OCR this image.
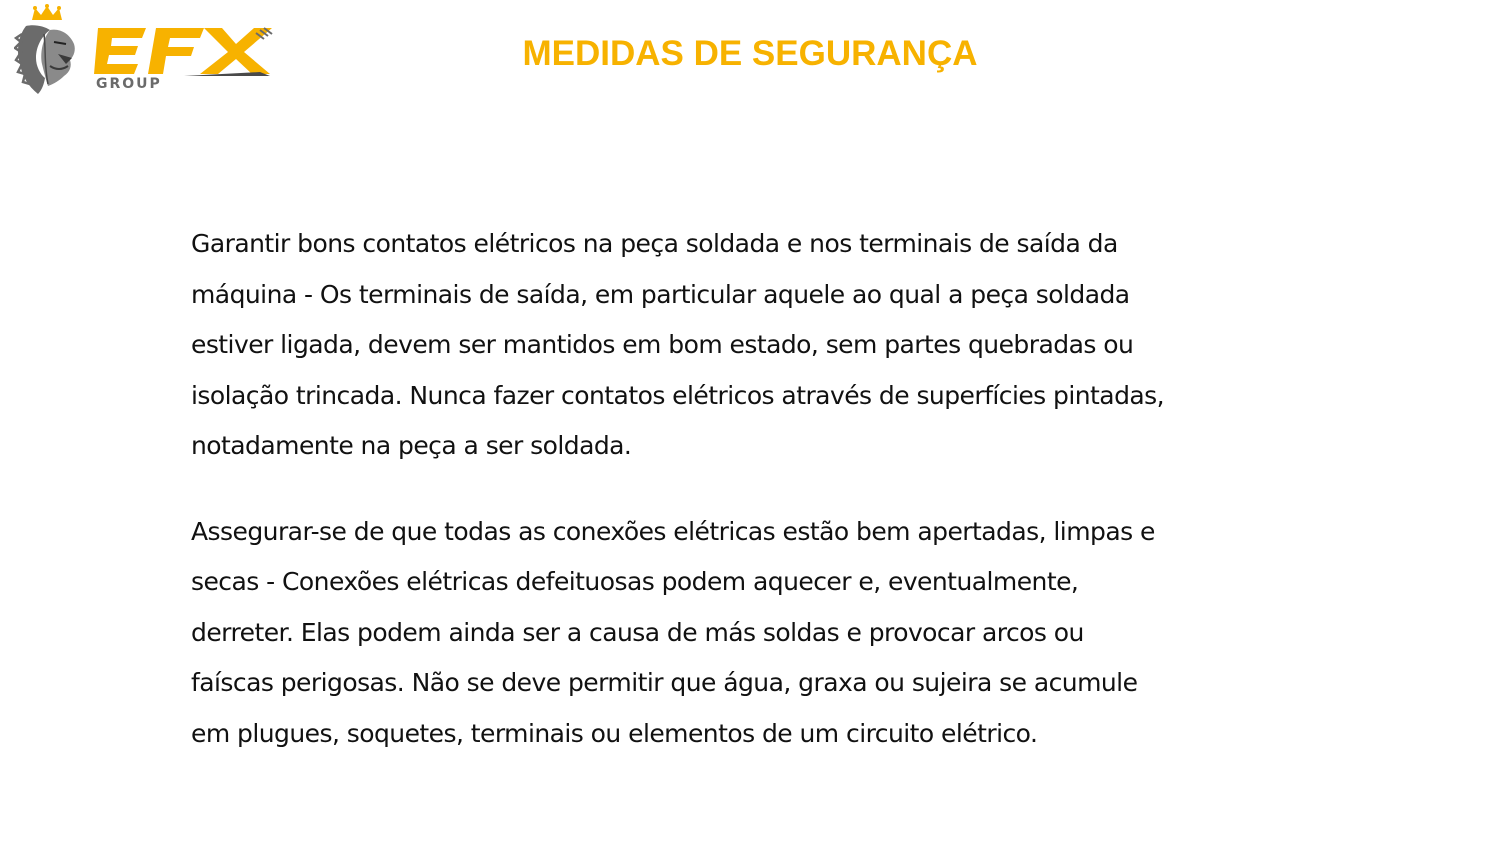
GROUP
MEDIDAS DE SEGURANÇA

Garantir bons contatos elétricos na peça soldada e nos terminais de saída da
máquina - Os terminais de saída, em particular aquele ao qual a peça soldada
estiver ligada, devem ser mantidos em bom estado, sem partes quebradas ou
isolação trincada. Nunca fazer contatos elétricos através de superfícies pintadas,
notadamente na peça a ser soldada.

Assegurar-se de que todas as conexões elétricas estão bem apertadas, limpas e
secas - Conexões elétricas defeituosas podem aquecer e, eventualmente,
derreter. Elas podem ainda ser a causa de más soldas e provocar arcos ou
faíscas perigosas. Não se deve permitir que água, graxa ou sujeira se acumule
em plugues, soquetes, terminais ou elementos de um circuito elétrico.
